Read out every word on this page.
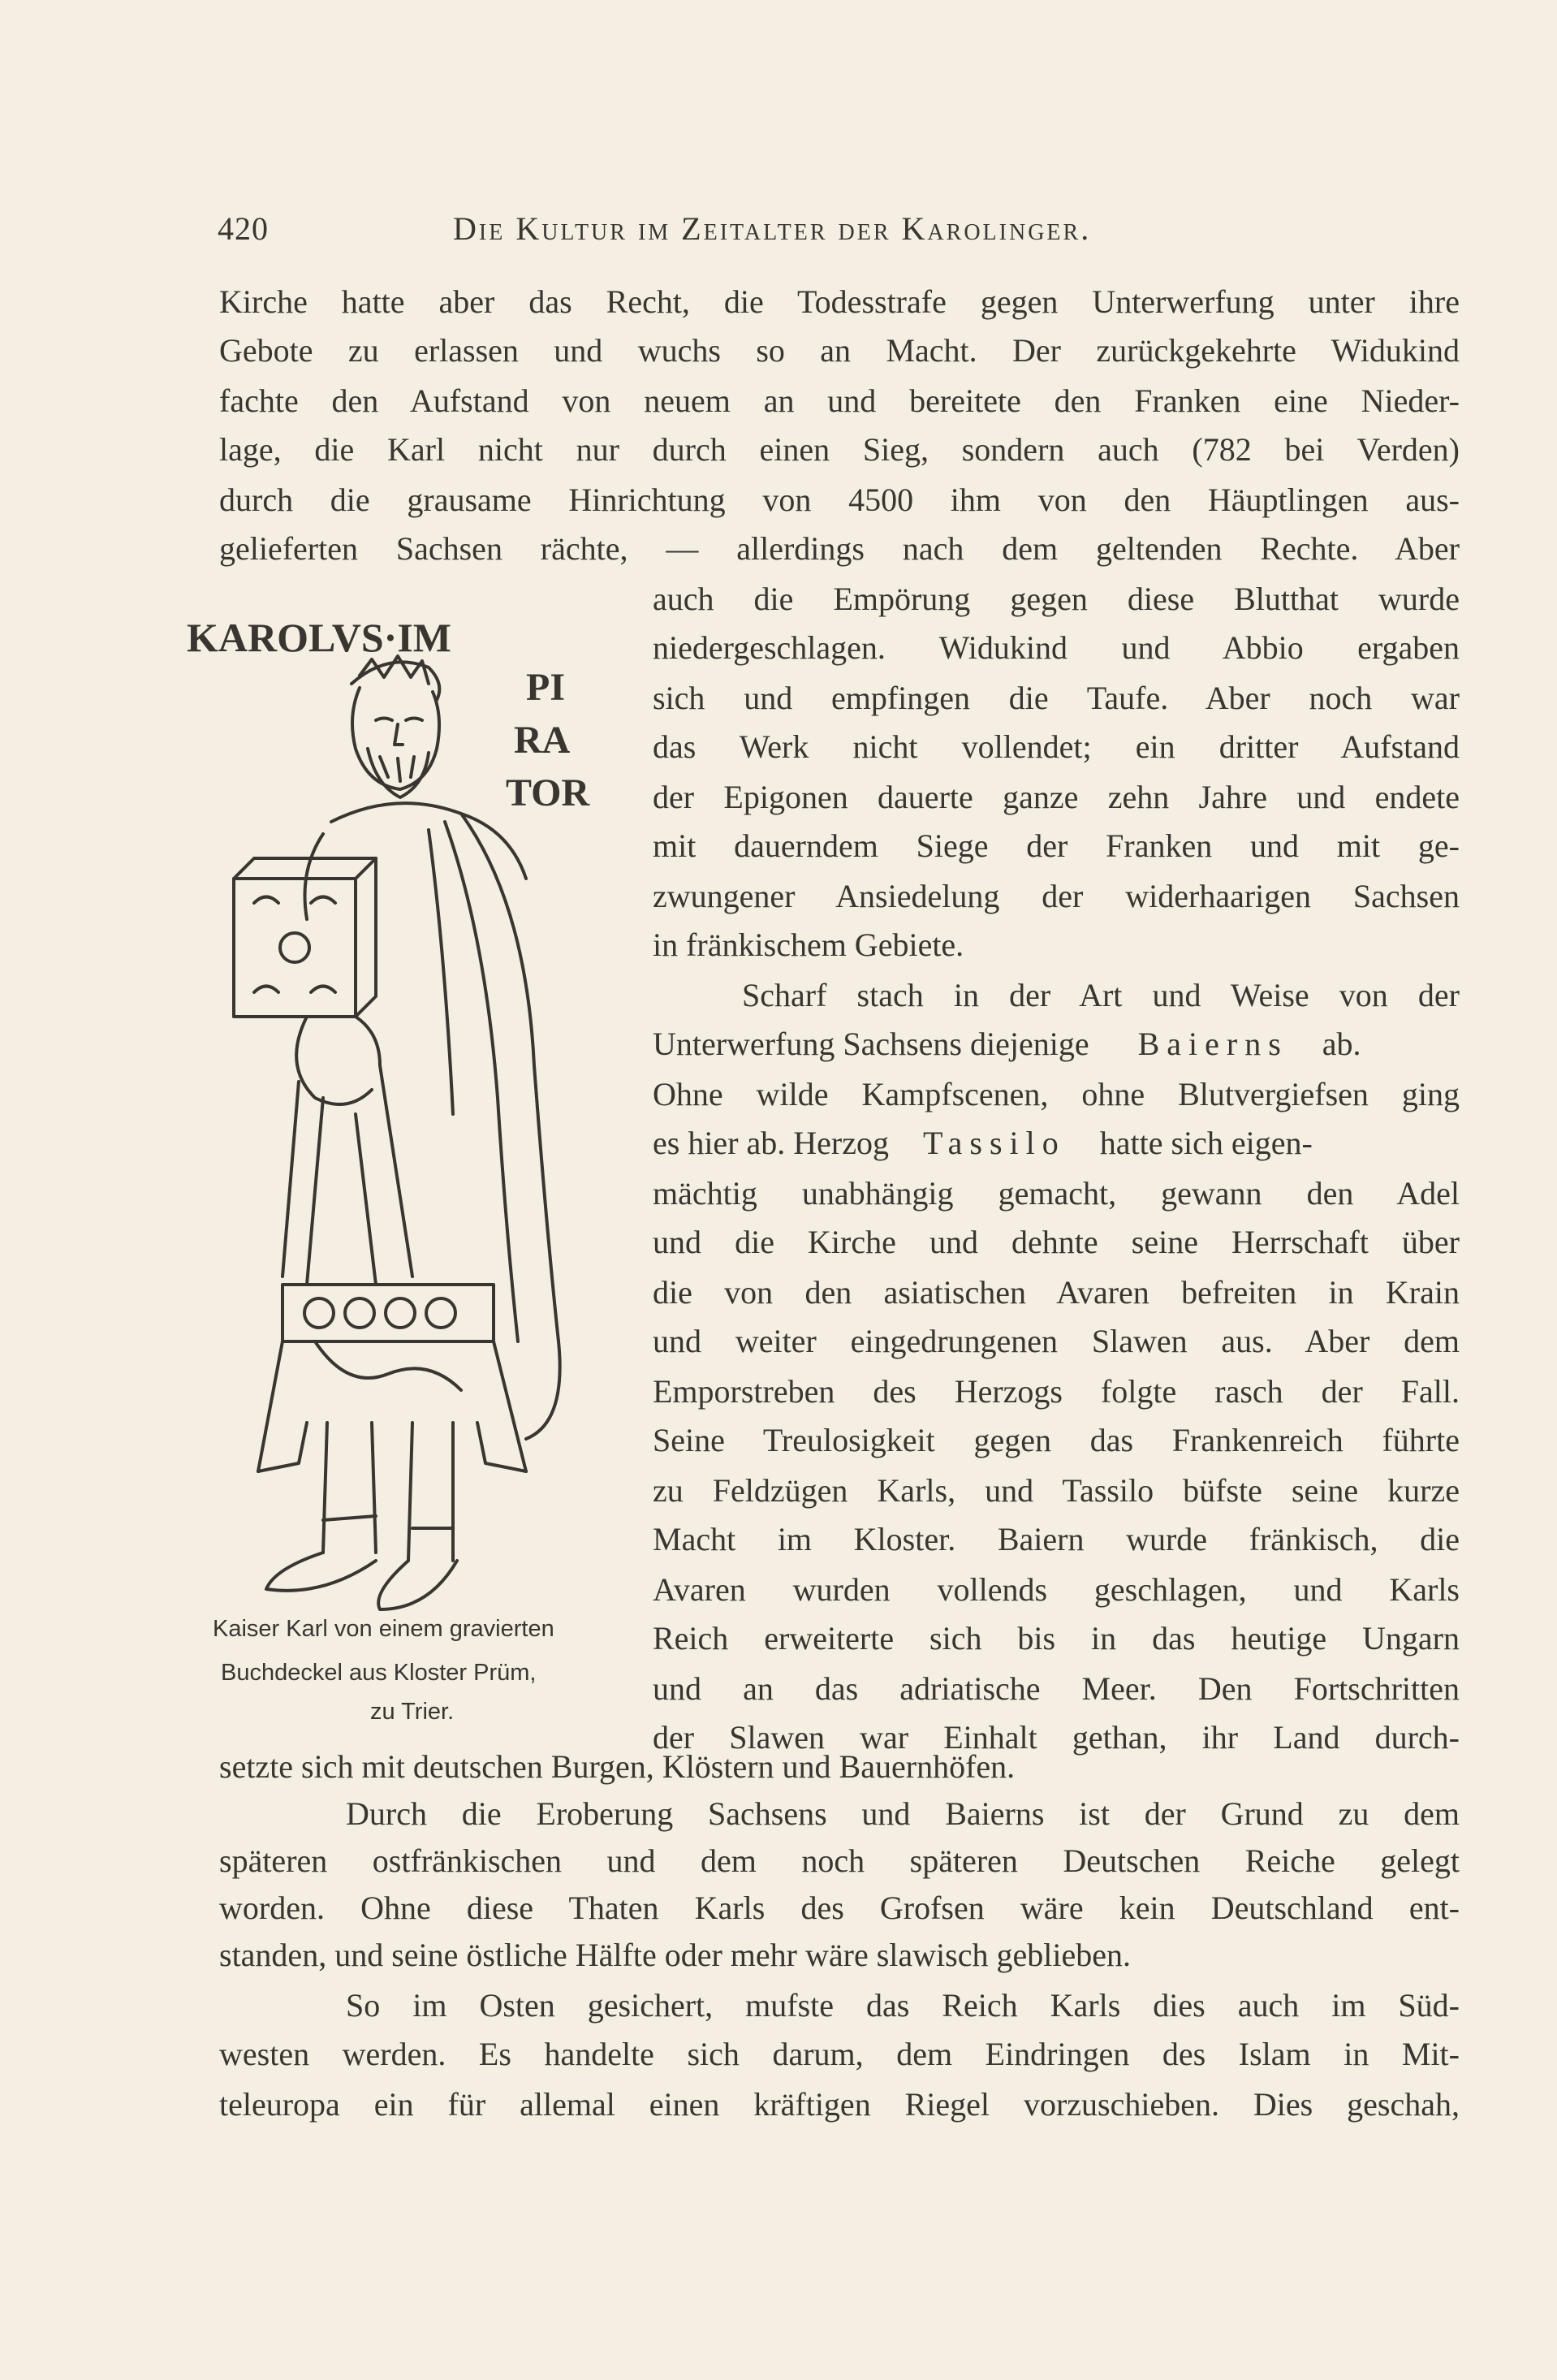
420	Die Kultur im Zeitalter der Karolinger.
Kirche hatte aber das Recht, die Todesstrafe gegen Unterwerfung unter ihre
Gebote zu erlassen und wuchs so an Macht. Der zurückgekehrte Widukind
fachte den Aufstand von neuem an und bereitete den Franken eine Nieder-
lage, die Karl nicht nur durch einen Sieg, sondern auch (782 bei Verden)
durch die grausame Hinrichtung von 4500 ihm von den Häuptlingen aus-
gelieferten Sachsen rächte, — allerdings nach dem geltenden Rechte. Aber
auch die Empörung gegen diese Blutthat wurde
niedergeschlagen. Widukind und Abbio ergaben
sich und empfingen die Taufe. Aber noch war
das Werk nicht vollendet; ein dritter Aufstand
der Epigonen dauerte ganze zehn Jahre und endete
mit dauerndem Siege der Franken und mit ge-
zwungener Ansiedelung der widerhaarigen Sachsen
in fränkischem Gebiete.
Scharf stach in der Art und Weise von der
Unterwerfung Sachsens diejenige Baierns ab.
Ohne wilde Kampfscenen, ohne Blutvergiefsen ging
es hier ab. Herzog Tassilo hatte sich eigen-
mächtig unabhängig gemacht, gewann den Adel
und die Kirche und dehnte seine Herrschaft über
die von den asiatischen Avaren befreiten in Krain
und weiter eingedrungenen Slawen aus. Aber dem
Emporstreben des Herzogs folgte rasch der Fall.
Seine Treulosigkeit gegen das Frankenreich führte
zu Feldzügen Karls, und Tassilo büfste seine kurze
Macht im Kloster. Baiern wurde fränkisch, die
Avaren wurden vollends geschlagen, und Karls
Reich erweiterte sich bis in das heutige Ungarn
und an das adriatische Meer. Den Fortschritten
der Slawen war Einhalt gethan, ihr Land durch-
setzte sich mit deutschen Burgen, Klöstern und Bauernhöfen.
Durch die Eroberung Sachsens und Baierns ist der Grund zu dem
späteren ostfränkischen und dem noch späteren Deutschen Reiche gelegt
worden. Ohne diese Thaten Karls des Grofsen wäre kein Deutschland ent-
standen, und seine östliche Hälfte oder mehr wäre slawisch geblieben.
So im Osten gesichert, mufste das Reich Karls dies auch im Süd-
westen werden. Es handelte sich darum, dem Eindringen des Islam in Mit-
teleuropa ein für allemal einen kräftigen Riegel vorzuschieben. Dies geschah,
KAROLVS·IM
PI
RA
TOR
Kaiser Karl von einem gravierten
Buchdeckel aus Kloster Prüm,
zu Trier.
